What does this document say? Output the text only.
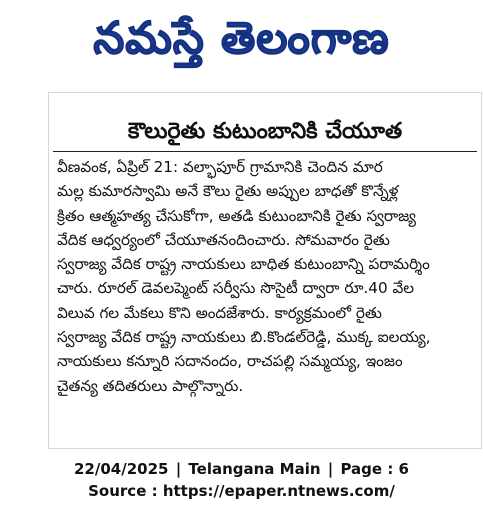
నమస్తే తెలంగాణ
కౌలురైతు కుటుంబానికి చేయూత
వీణవంక, ఏప్రిల్ 21: వల్భాపూర్ గ్రామానికి చెందిన మార
మల్ల కుమారస్వామి అనే కౌలు రైతు అప్పుల బాధతో కొన్నేళ్ల
క్రితం ఆత్మహత్య చేసుకోగా, అతడి కుటుంబానికి రైతు స్వరాజ్య
వేదిక ఆధ్వర్యంలో చేయూతనందించారు. సోమవారం రైతు
స్వరాజ్య వేదిక రాష్ట్ర నాయకులు బాధిత కుటుంబాన్ని పరామర్శిం
చారు. రూరల్ డెవలప్మెంట్ సర్వీసు సొసైటీ ద్వారా రూ.40 వేల
విలువ గల మేకలు కొని అందజేశారు. కార్యక్రమంలో రైతు
స్వరాజ్య వేదిక రాష్ట్ర నాయకులు బి.కొండల్‌రెడ్డి, ముక్క ఐలయ్య,
నాయకులు కన్నూరి సదానందం, రాచపల్లి సమ్మయ్య, ఇంజం
చైతన్య తదితరులు పాల్గొన్నారు.
22/04/2025 | Telangana Main | Page : 6
Source : https://epaper.ntnews.com/
